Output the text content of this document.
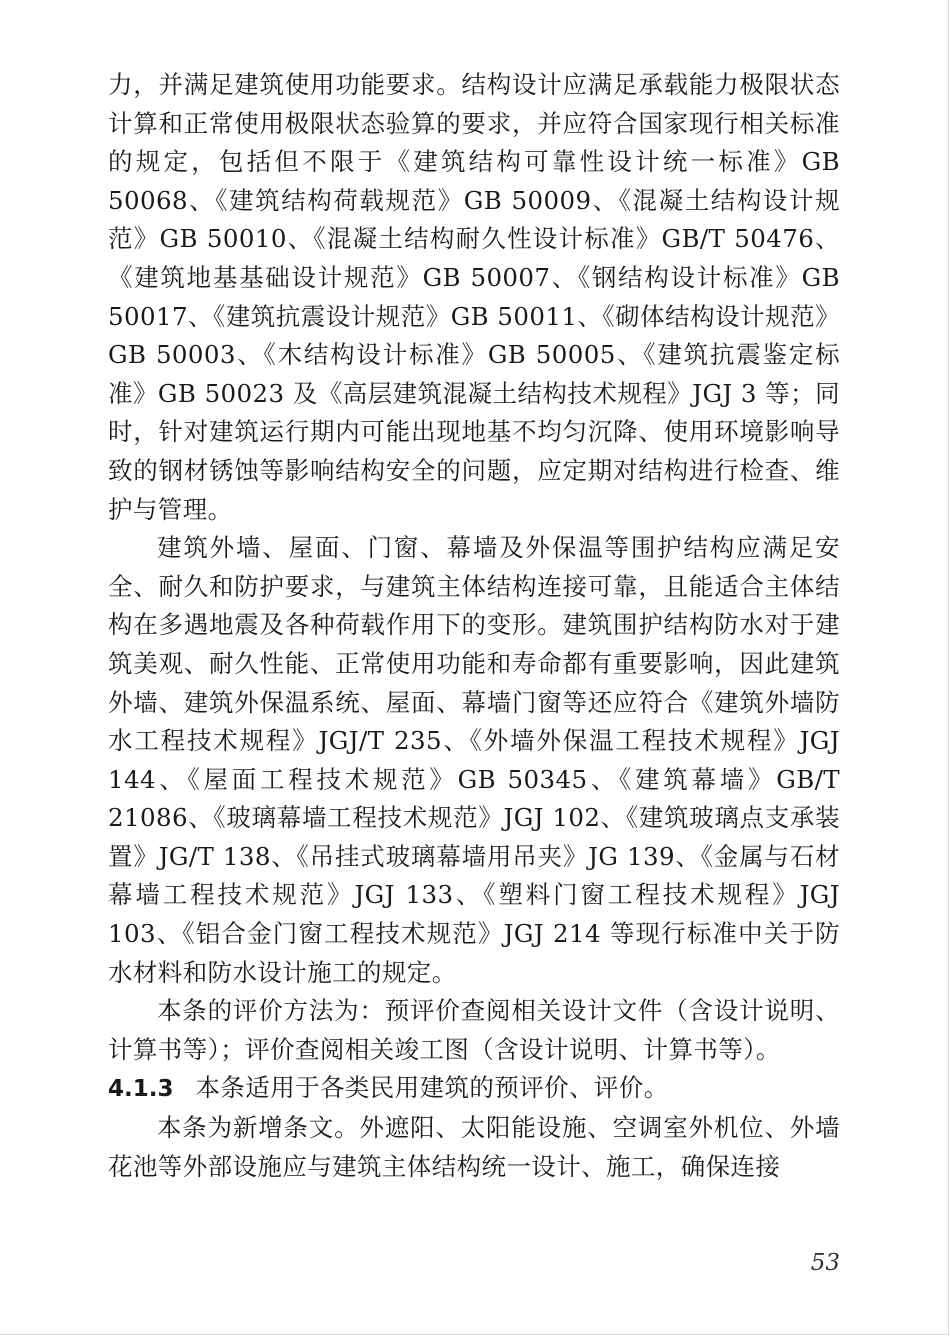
力，并满足建筑使用功能要求。结构设计应满足承载能力极限状态计算和正常使用极限状态验算的要求，并应符合国家现行相关标准的规定，包括但不限于《建筑结构可靠性设计统一标准》GB 50068、《建筑结构荷载规范》GB 50009、《混凝土结构设计规范》GB 50010、《混凝土结构耐久性设计标准》GB/T 50476、《建筑地基基础设计规范》GB 50007、《钢结构设计标准》GB 50017、《建筑抗震设计规范》GB 50011、《砌体结构设计规范》GB 50003、《木结构设计标准》GB 50005、《建筑抗震鉴定标准》GB 50023 及《高层建筑混凝土结构技术规程》JGJ 3 等；同时，针对建筑运行期内可能出现地基不均匀沉降、使用环境影响导致的钢材锈蚀等影响结构安全的问题，应定期对结构进行检查、维护与管理。

建筑外墙、屋面、门窗、幕墙及外保温等围护结构应满足安全、耐久和防护要求，与建筑主体结构连接可靠，且能适合主体结构在多遇地震及各种荷载作用下的变形。建筑围护结构防水对于建筑美观、耐久性能、正常使用功能和寿命都有重要影响，因此建筑外墙、建筑外保温系统、屋面、幕墙门窗等还应符合《建筑外墙防水工程技术规程》JGJ/T 235、《外墙外保温工程技术规程》JGJ 144、《屋面工程技术规范》GB 50345、《建筑幕墙》GB/T 21086、《玻璃幕墙工程技术规范》JGJ 102、《建筑玻璃点支承装置》JG/T 138、《吊挂式玻璃幕墙用吊夹》JG 139、《金属与石材幕墙工程技术规范》JGJ 133、《塑料门窗工程技术规程》JGJ 103、《铝合金门窗工程技术规范》JGJ 214 等现行标准中关于防水材料和防水设计施工的规定。

本条的评价方法为：预评价查阅相关设计文件（含设计说明、计算书等）；评价查阅相关竣工图（含设计说明、计算书等）。

4.1.3 本条适用于各类民用建筑的预评价、评价。

本条为新增条文。外遮阳、太阳能设施、空调室外机位、外墙花池等外部设施应与建筑主体结构统一设计、施工，确保连接

53
